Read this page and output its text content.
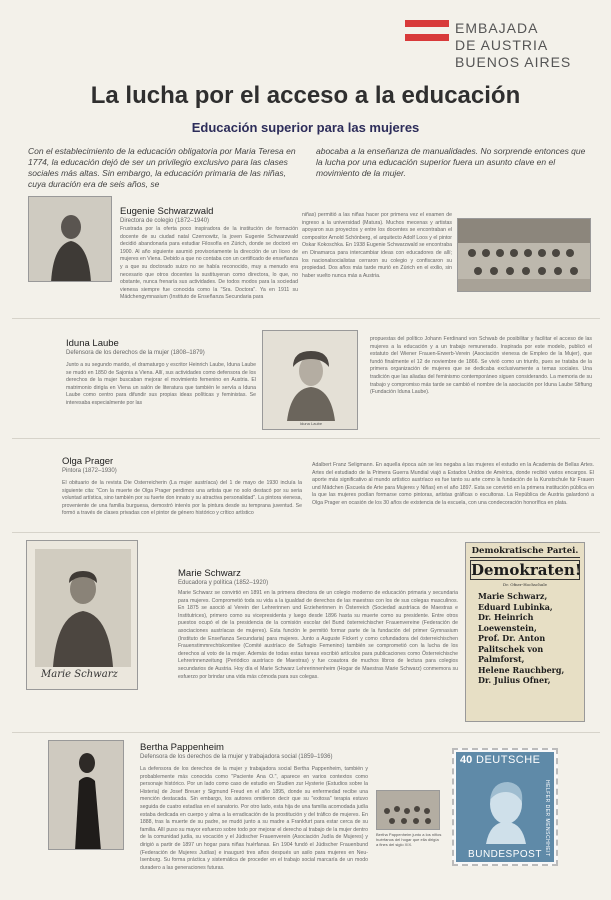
EMBAJADA
DE AUSTRIA
BUENOS AIRES
La lucha por el acceso a la educación
Educación superior para las mujeres
Con el establecimiento de la educación obligatoria por Maria Teresa en 1774, la educación dejó de ser un privilegio exclusivo para las clases sociales más altas. Sin embargo, la educación primaria de las niñas, cuya duración era de seis años, se
abocaba a la enseñanza de manualidades. No sorprende entonces que la lucha por una educación superior fuera un asunto clave en el movimiento de la mujer.
Eugenie Schwarzwald
Directora de colegio (1872–1940)
Frustrada por la oferta poco inspiradora de la institución de formación docente de su ciudad natal Czernowitz, la joven Eugenie Schwarzwald decidió abandonarla para estudiar Filosofía en Zúrich, donde se doctoró en 1900. Al año siguiente asumió provisoriamente la dirección de un liceo de mujeres en Viena. Debido a que no contaba con un certificado de enseñanza y a que su doctorado suizo no se había reconocido, muy a menudo era necesario que otros docentes la sustituyeran como directora, lo que, no obstante, nunca frenaría sus actividades. De todos modos para la sociedad vienesa siempre fue conocida como la "Sra. Doctora". Ya en 1911 su Mädchengymnasium (Instituto de Enseñanza Secundaria para
niñas) permitió a las niñas hacer por primera vez el examen de ingreso a la universidad (Matura). Muchos mecenas y artistas apoyaron sus proyectos y entre los docentes se encontraban el compositor Arnold Schönberg, el arquitecto Adolf Loos y el pintor Oskar Kokoschka. En 1938 Eugenie Schwarzwald se encontraba en Dinamarca para intercambiar ideas con educadores de allí; los nacionalsocialistas cerraron su colegio y confiscaron su propiedad. Dos años más tarde murió en Zúrich en el exilio, sin haber vuelto nunca más a Austria.
Iduna Laube
Defensora de los derechos de la mujer (1808–1879)
Junto a su segundo marido, el dramaturgo y escritor Heinrich Laube, Iduna Laube se mudó en 1850 de Sajonia a Viena. Allí, sus actividades como defensora de los derechos de la mujer buscaban mejorar el movimiento femenino en Austria. El matrimonio dirigía en Viena un salón de literatura que también le servía a Iduna Laube como centro para difundir sus propias ideas políticas y feministas. Se interesaba especialmente por las
Iduna Laube
propuestas del político Johann Ferdinand von Schwab de posibilitar y facilitar el acceso de las mujeres a la educación y a un trabajo remunerado. Inspirada por este modelo, publicó el estatuto del Wiener Frauen-Erwerb-Verein (Asociación vienesa de Empleo de la Mujer), que fundó finalmente el 12 de noviembre de 1866. Se vivió como un triunfo, pues se trataba de la primera organización de mujeres que se dedicaba exclusivamente a temas sociales. Una tradición que las aliadas del feminismo contemporáneo siguen considerando. La memoria de su trabajo y compromiso más tarde se cambió el nombre de la asociación por Iduna Laube Stiftung (Fundación Iduna Laube).
Olga Prager
Pintora (1872–1930)
El obituario de la revista Die Österreicherin (La mujer austríaca) del 1 de mayo de 1930 incluía la siguiente cita: "Con la muerte de Olga Prager perdimos una artista que no solo destacó por su seria voluntad artística, sino también por su fuerte don innato y su atractiva personalidad". La pintora vienesa, proveniente de una familia burguesa, demostró interés por la pintura desde su temprana juventud. Se formó a través de clases privadas con el pintor de género histórico y crítico artístico
Adalbert Franz Seligmann. En aquella época aún se les negaba a las mujeres el estudio en la Academia de Bellas Artes. Artes del estudiado de la Primera Guerra Mundial viajó a Estados Unidos de América, donde recibió varios encargos. El aporte más significativo al mundo artístico austríaco es fue tanto su arte como la fundación de la Kunstschule für Frauen und Mädchen (Escuela de Arte para Mujeres y Niñas) en el año 1897. Esta se convirtió en la primera institución pública en la que las mujeres podían formarse como pintoras, artistas gráficas o escultoras. La República de Austria galardonó a Olga Prager en ocasión de los 30 años de existencia de la escuela, con una condecoración honorífica en plata.
Marie Schwarz
Marie Schwarz
Educadora y política (1852–1920)
Marie Schwarz se convirtió en 1891 en la primera directora de un colegio moderno de educación primaria y secundaria para mujeres. Comprometió toda su vida a la igualdad de derechos de las maestras con los de sus colegas masculinos. En 1875 se asoció al Verein der Lehrerinnen und Erzieherinnen in Österreich (Sociedad austríaca de Maestras e Institutrices), primero como su vicepresidenta y luego desde 1896 hasta su muerte como su presidente. Entre otros puestos ocupó el de la presidencia de la comisión escolar del Bund österreichischer Frauenvereine (Federación de asociaciones austríacas de mujeres). Esta función le permitió formar parte de la fundación del primer Gymnasium (Instituto de Enseñanza Secundaria) para mujeres. Junto a Auguste Fickert y como cofundadora del österreichischen Frauenstimmrechtskomitee (Comité austríaco de Sufragio Femenino) también se comprometió con la lucha de los derechos al voto de la mujer. Además de todas estas tareas escribió artículos para publicaciones como Österreichische Lehrerinnenzeitung (Periódico austríaco de Maestras) y fue coautora de muchos libros de lectura para colegios secundarios de Austria. Hoy día el Marie Schwarz Lehrerinnenheim (Hogar de Maestras Marie Schwarz) conmemora su esfuerzo por brindar una vida más cómoda para sus colegas.
Demokratische Partei.
Demokraten!
Dr. Ofner-Hochschule
Marie Schwarz,
Eduard Lubinka,
Dr. Heinrich Loewenstein,
Prof. Dr. Anton Palitschek von Palmforst,
Helene Rauchberg,
Dr. Julius Ofner,
Bertha Pappenheim
Defensora de los derechos de la mujer y trabajadora social (1859–1936)
La defensora de los derechos de la mujer y trabajadora social Bertha Pappenheim, también y probablemente más conocida como "Paciente Ana O.", aparece en varios contextos como personaje histórico. Por un lado como caso de estudio en Studien zur Hysterie (Estudios sobre la Histeria) de Josef Breuer y Sigmund Freud en el año 1895, donde su enfermedad recibe una mención destacada. Sin embargo, los autores omitieron decir que su "exitosa" terapia estuvo seguida de cuatro estadías en el sanatorio. Por otro lado, esta hija de una familia acomodada judía estaba dedicada en cuerpo y alma a la erradicación de la prostitución y del tráfico de mujeres. En 1888, tras la muerte de su padre, se mudó junto a su madre a Frankfurt para estar cerca de su familia. Allí puso su mayor esfuerzo sobre todo por mejorar el derecho al trabajo de la mujer dentro de la comunidad judía, su vocación y el Jüdischer Frauenverein (Asociación Judía de Mujeres) y dirigió a partir de 1897 un hogar para niñas huérfanas. En 1904 fundó el Jüdischer Frauenbund (Federación de Mujeres Judías) e inauguró tres años después un asilo para mujeres en Neu-Isenburg. Su forma práctica y sistemática de proceder en el trabajo social marcaría de un modo duradero a las generaciones futuras.
Bertha Pappenheim junto a los niños huérfanos del hogar que ella dirigía a fines del siglo XIX.
40 DEUTSCHE
HELFER DER MENSCHHEIT
BUNDESPOST
